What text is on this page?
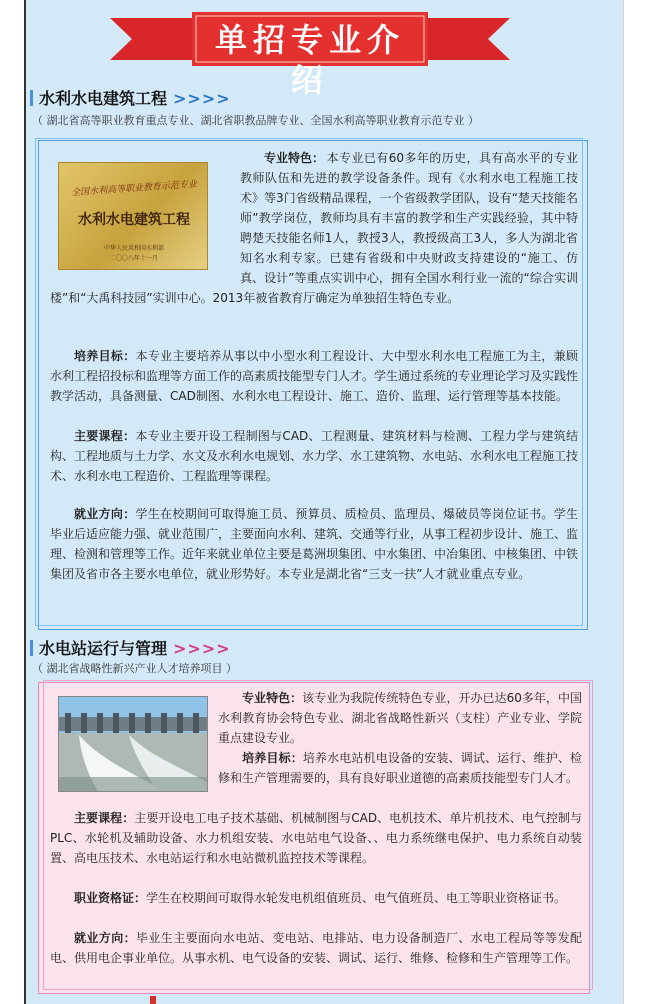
单招专业介绍
水利水电建筑工程 >>>>
（ 湖北省高等职业教育重点专业、湖北省职教品牌专业、全国水利高等职业教育示范专业 ）
全国水利高等职业教育示范专业
水利水电建筑工程
中华人民共和国水利部
二〇〇八年十一月
专业特色： 本专业已有60多年的历史，具有高水平的专业教师队伍和先进的教学设备条件。现有《水利水电工程施工技术》等3门省级精品课程，一个省级教学团队，设有“楚天技能名师”教学岗位，教师均具有丰富的教学和生产实践经验，其中特聘楚天技能名师1人，教授3人，教授级高工3人，多人为湖北省知名水利专家。已建有省级和中央财政支持建设的“施工、仿真、设计”等重点实训中心，拥有全国水利行业一流的“综合实训楼”和“大禹科技园”实训中心。2013年被省教育厅确定为单独招生特色专业。
培养目标：本专业主要培养从事以中小型水利工程设计、大中型水利水电工程施工为主，兼顾水利工程招投标和监理等方面工作的高素质技能型专门人才。学生通过系统的专业理论学习及实践性教学活动，具备测量、CAD制图、水利水电工程设计、施工、造价、监理、运行管理等基本技能。
主要课程：本专业主要开设工程制图与CAD、工程测量、建筑材料与检测、工程力学与建筑结构、工程地质与土力学、水文及水利水电规划、水力学、水工建筑物、水电站、水利水电工程施工技术、水利水电工程造价、工程监理等课程。
就业方向：学生在校期间可取得施工员、预算员、质检员、监理员、爆破员等岗位证书。学生毕业后适应能力强、就业范围广，主要面向水利、建筑、交通等行业，从事工程初步设计、施工、监理、检测和管理等工作。近年来就业单位主要是葛洲坝集团、中水集团、中冶集团、中核集团、中铁集团及省市各主要水电单位，就业形势好。本专业是湖北省“三支一扶”人才就业重点专业。
水电站运行与管理 >>>>
（ 湖北省战略性新兴产业人才培养项目 ）
专业特色：该专业为我院传统特色专业，开办已达60多年，中国水利教育协会特色专业、湖北省战略性新兴（支柱）产业专业、学院重点建设专业。
培养目标：培养水电站机电设备的安装、调试、运行、维护、检修和生产管理需要的，具有良好职业道德的高素质技能型专门人才。
主要课程：主要开设电工电子技术基础、机械制图与CAD、电机技术、单片机技术、电气控制与PLC、水轮机及辅助设备、水力机组安装、水电站电气设备、、电力系统继电保护、电力系统自动装置、高电压技术、水电站运行和水电站微机监控技术等课程。
职业资格证：学生在校期间可取得水轮发电机组值班员、电气值班员、电工等职业资格证书。
就业方向：毕业生主要面向水电站、变电站、电排站、电力设备制造厂、水电工程局等等发配电、供用电企事业单位。从事水机、电气设备的安装、调试、运行、维修、检修和生产管理等工作。
